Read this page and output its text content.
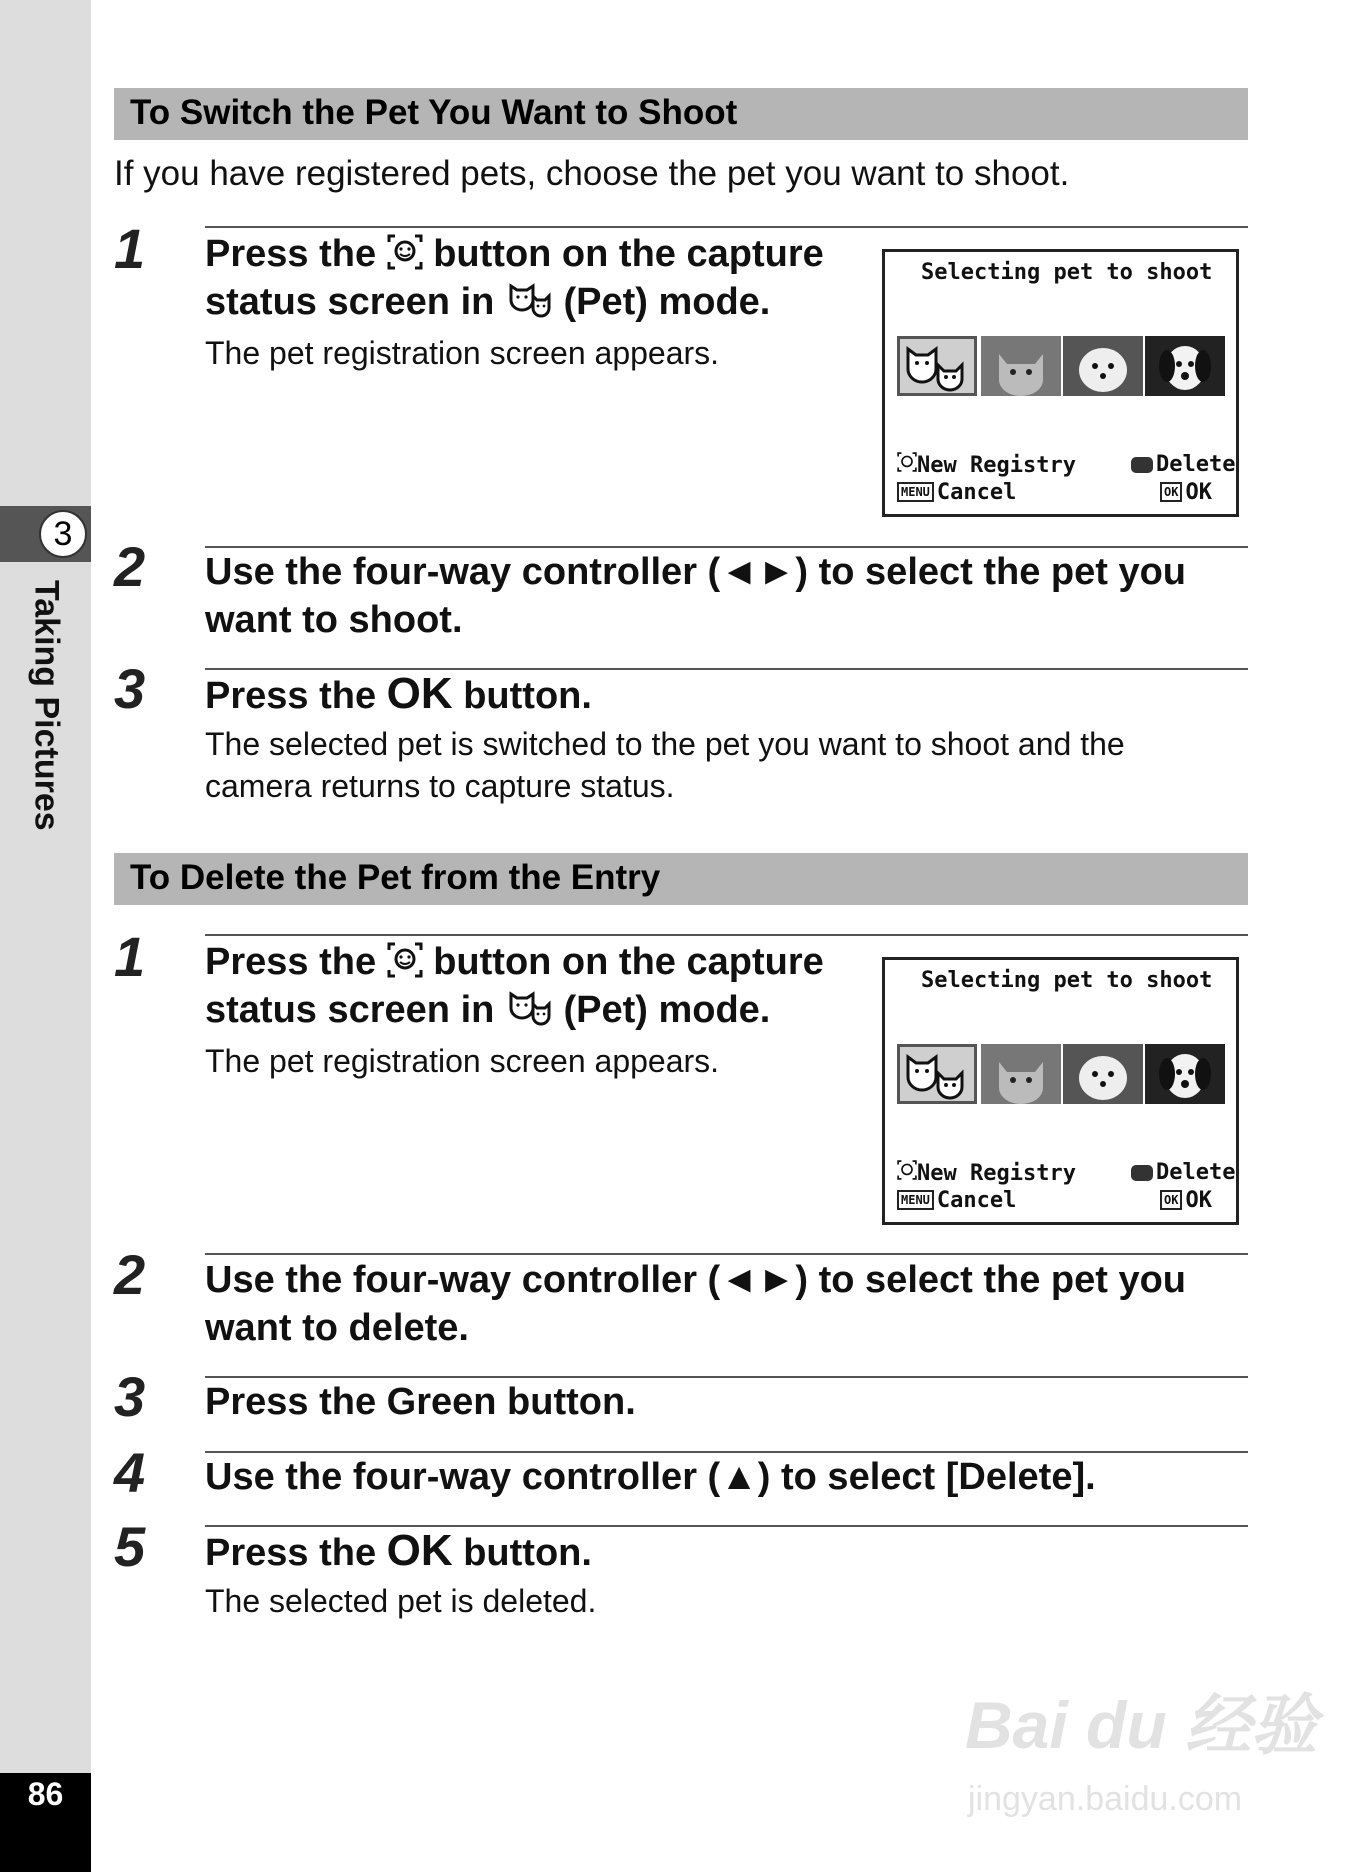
3
Taking Pictures
86
To Switch the Pet You Want to Shoot
If you have registered pets, choose the pet you want to shoot.
1 Press the  button on the capture
status screen in  (Pet) mode.
The pet registration screen appears.
Selecting pet to shoot
New Registry	Delete
MENU Cancel	OK OK
2 Use the four-way controller (◄►) to select the pet you
want to shoot.
3 Press the OK button.
The selected pet is switched to the pet you want to shoot and the
camera returns to capture status.
To Delete the Pet from the Entry
1 Press the  button on the capture
status screen in  (Pet) mode.
The pet registration screen appears.
Selecting pet to shoot
New Registry	Delete
MENU Cancel	OK OK
2 Use the four-way controller (◄►) to select the pet you
want to delete.
3 Press the Green button.
4 Use the four-way controller (▲) to select [Delete].
5 Press the OK button.
The selected pet is deleted.
Bai du 经验
jingyan.baidu.com
